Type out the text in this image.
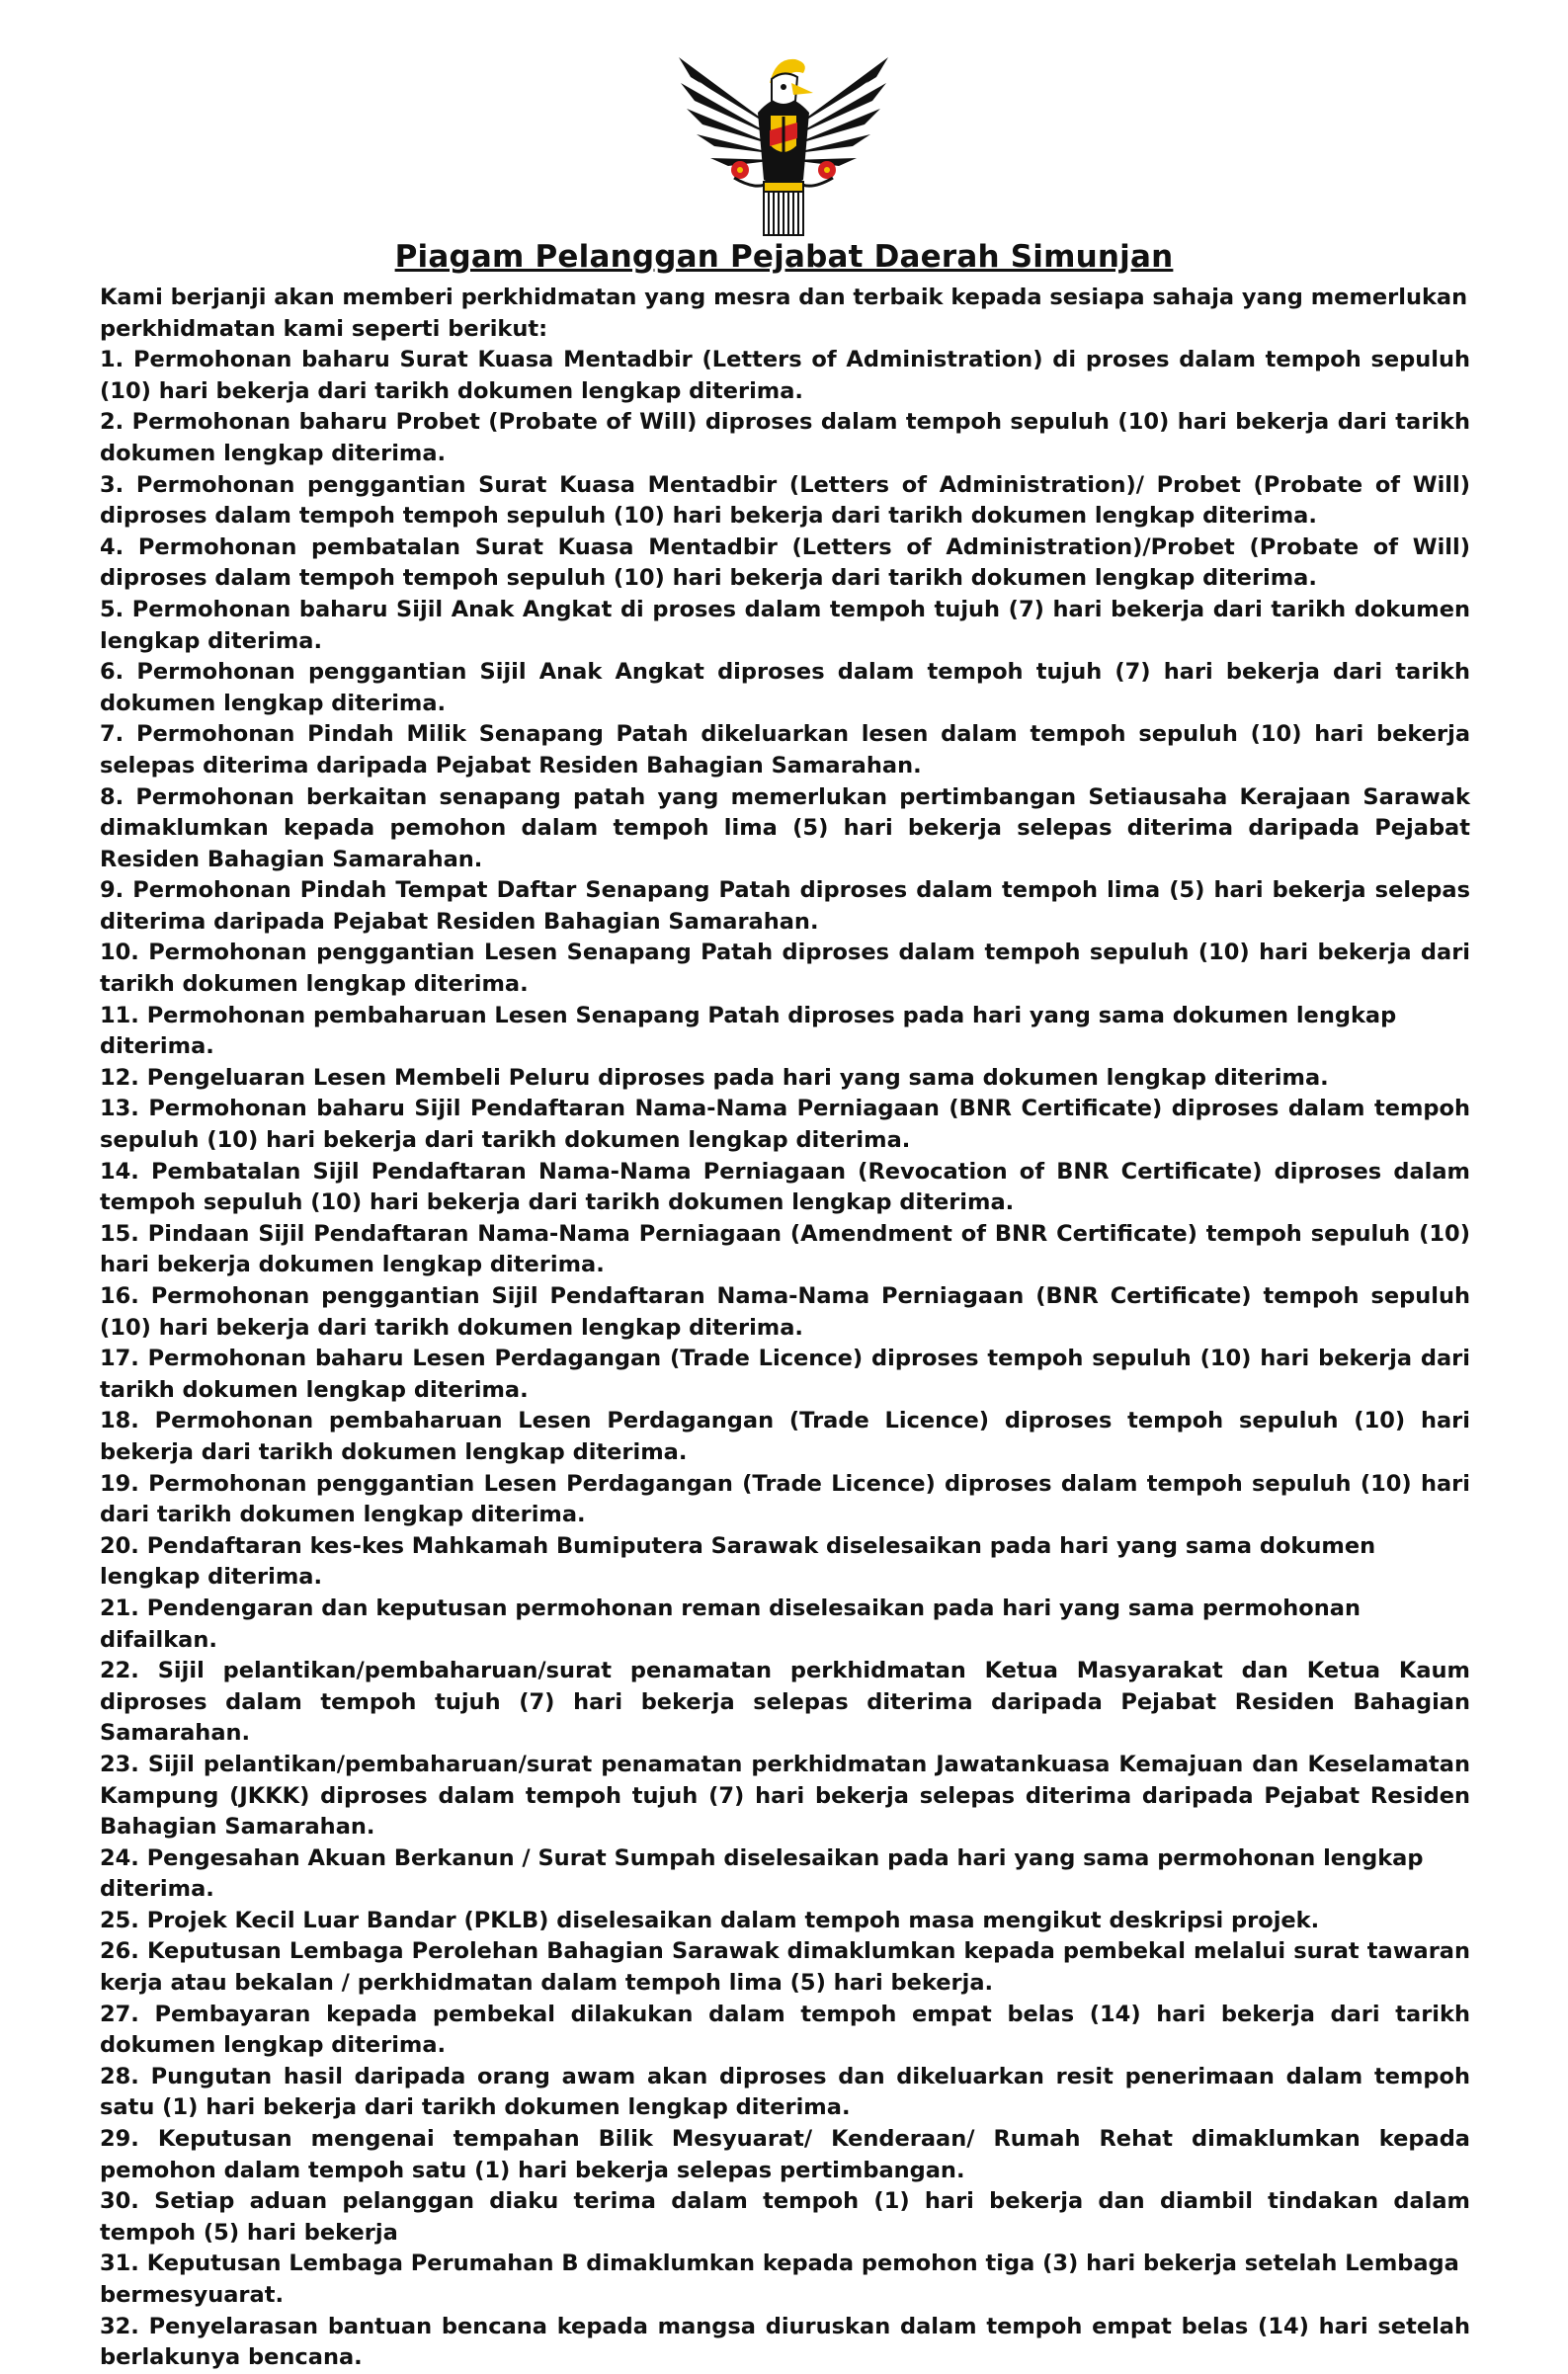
Piagam Pelanggan Pejabat Daerah Simunjan

Kami berjanji akan memberi perkhidmatan yang mesra dan terbaik kepada sesiapa sahaja yang memerlukan perkhidmatan kami seperti berikut:

1. Permohonan baharu Surat Kuasa Mentadbir (Letters of Administration) di proses dalam tempoh sepuluh (10) hari bekerja dari tarikh dokumen lengkap diterima.
2. Permohonan baharu Probet (Probate of Will) diproses dalam tempoh sepuluh (10) hari bekerja dari tarikh dokumen lengkap diterima.
3. Permohonan penggantian Surat Kuasa Mentadbir (Letters of Administration)/ Probet (Probate of Will) diproses dalam tempoh tempoh sepuluh (10) hari bekerja dari tarikh dokumen lengkap diterima.
4. Permohonan pembatalan Surat Kuasa Mentadbir (Letters of Administration)/Probet (Probate of Will) diproses dalam tempoh tempoh sepuluh (10) hari bekerja dari tarikh dokumen lengkap diterima.
5. Permohonan baharu Sijil Anak Angkat di proses dalam tempoh tujuh (7) hari bekerja dari tarikh dokumen lengkap diterima.
6. Permohonan penggantian Sijil Anak Angkat diproses dalam tempoh tujuh (7) hari bekerja dari tarikh dokumen lengkap diterima.
7. Permohonan Pindah Milik Senapang Patah dikeluarkan lesen dalam tempoh sepuluh (10) hari bekerja selepas diterima daripada Pejabat Residen Bahagian Samarahan.
8. Permohonan berkaitan senapang patah yang memerlukan pertimbangan Setiausaha Kerajaan Sarawak dimaklumkan kepada pemohon dalam tempoh lima (5) hari bekerja selepas diterima daripada Pejabat Residen Bahagian Samarahan.
9. Permohonan Pindah Tempat Daftar Senapang Patah diproses dalam tempoh lima (5) hari bekerja selepas diterima daripada Pejabat Residen Bahagian Samarahan.
10. Permohonan penggantian Lesen Senapang Patah diproses dalam tempoh sepuluh (10) hari bekerja dari tarikh dokumen lengkap diterima.
11. Permohonan pembaharuan Lesen Senapang Patah diproses pada hari yang sama dokumen lengkap diterima.
12. Pengeluaran Lesen Membeli Peluru diproses pada hari yang sama dokumen lengkap diterima.
13. Permohonan baharu Sijil Pendaftaran Nama-Nama Perniagaan (BNR Certificate) diproses dalam tempoh sepuluh (10) hari bekerja dari tarikh dokumen lengkap diterima.
14. Pembatalan Sijil Pendaftaran Nama-Nama Perniagaan (Revocation of BNR Certificate) diproses dalam tempoh sepuluh (10) hari bekerja dari tarikh dokumen lengkap diterima.
15. Pindaan Sijil Pendaftaran Nama-Nama Perniagaan (Amendment of BNR Certificate) tempoh sepuluh (10) hari bekerja dokumen lengkap diterima.
16. Permohonan penggantian Sijil Pendaftaran Nama-Nama Perniagaan (BNR Certificate) tempoh sepuluh (10) hari bekerja dari tarikh dokumen lengkap diterima.
17. Permohonan baharu Lesen Perdagangan (Trade Licence) diproses tempoh sepuluh (10) hari bekerja dari tarikh dokumen lengkap diterima.
18. Permohonan pembaharuan Lesen Perdagangan (Trade Licence) diproses tempoh sepuluh (10) hari bekerja dari tarikh dokumen lengkap diterima.
19. Permohonan penggantian Lesen Perdagangan (Trade Licence) diproses dalam tempoh sepuluh (10) hari dari tarikh dokumen lengkap diterima.
20. Pendaftaran kes-kes Mahkamah Bumiputera Sarawak diselesaikan pada hari yang sama dokumen lengkap diterima.
21. Pendengaran dan keputusan permohonan reman diselesaikan pada hari yang sama permohonan difailkan.
22. Sijil pelantikan/pembaharuan/surat penamatan perkhidmatan Ketua Masyarakat dan Ketua Kaum diproses dalam tempoh tujuh (7) hari bekerja selepas diterima daripada Pejabat Residen Bahagian Samarahan.
23. Sijil pelantikan/pembaharuan/surat penamatan perkhidmatan Jawatankuasa Kemajuan dan Keselamatan Kampung (JKKK) diproses dalam tempoh tujuh (7) hari bekerja selepas diterima daripada Pejabat Residen Bahagian Samarahan.
24. Pengesahan Akuan Berkanun / Surat Sumpah diselesaikan pada hari yang sama permohonan lengkap diterima.
25. Projek Kecil Luar Bandar (PKLB) diselesaikan dalam tempoh masa mengikut deskripsi projek.
26. Keputusan Lembaga Perolehan Bahagian Sarawak dimaklumkan kepada pembekal melalui surat tawaran kerja atau bekalan / perkhidmatan dalam tempoh lima (5) hari bekerja.
27. Pembayaran kepada pembekal dilakukan dalam tempoh empat belas (14) hari bekerja dari tarikh dokumen lengkap diterima.
28. Pungutan hasil daripada orang awam akan diproses dan dikeluarkan resit penerimaan dalam tempoh satu (1) hari bekerja dari tarikh dokumen lengkap diterima.
29. Keputusan mengenai tempahan Bilik Mesyuarat/ Kenderaan/ Rumah Rehat dimaklumkan kepada pemohon dalam tempoh satu (1) hari bekerja selepas pertimbangan.
30. Setiap aduan pelanggan diaku terima dalam tempoh (1) hari bekerja dan diambil tindakan dalam tempoh (5) hari bekerja
31. Keputusan Lembaga Perumahan B dimaklumkan kepada pemohon tiga (3) hari bekerja setelah Lembaga bermesyuarat.
32. Penyelarasan bantuan bencana kepada mangsa diuruskan dalam tempoh empat belas (14) hari setelah berlakunya bencana.
